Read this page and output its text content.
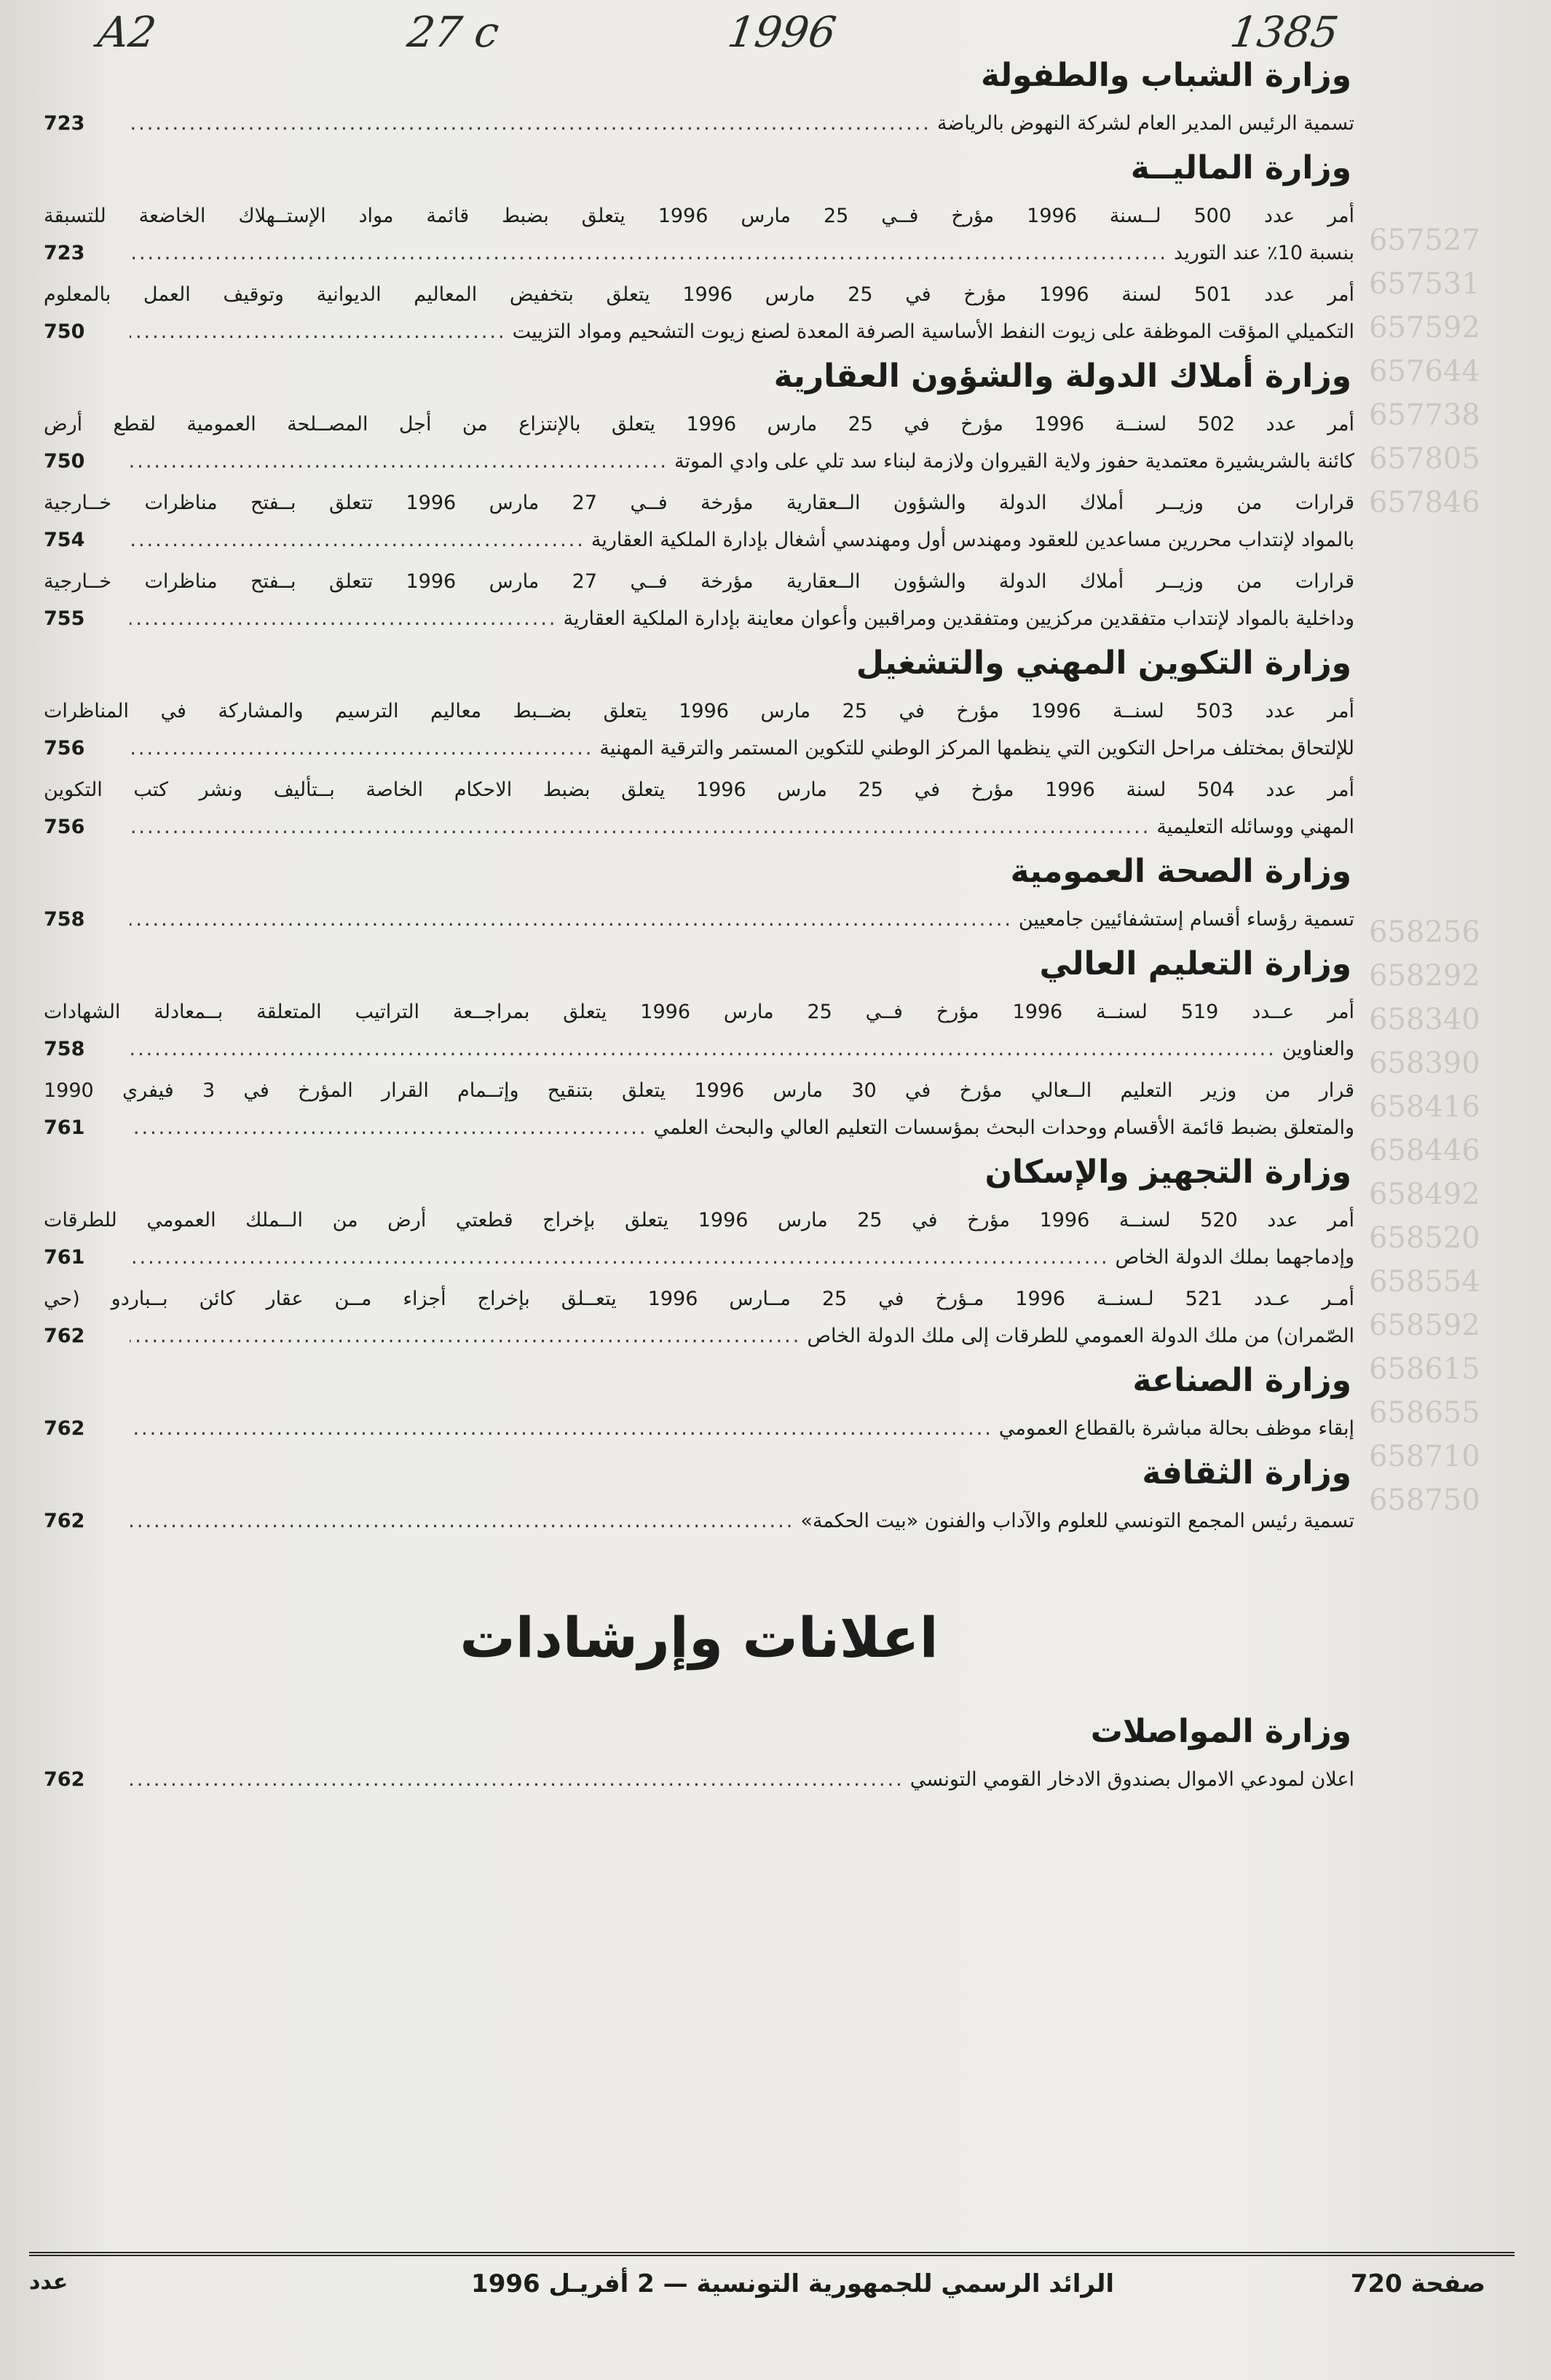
657527
657531
657592
657644
657738
657805
657846
658256
658292
658340
658390
658416
658446
658492
658520
658554
658592
658615
658655
658710
658750
A2	27 c	1996	1385
وزارة الشباب والطفولة
تسمية الرئيس المدير العام لشركة النهوض بالرياضة
.....
723
وزارة الماليــة
أمر عدد 500 لــسنة 1996 مؤرخ فــي 25 مارس 1996 يتعلق بضبط قائمة مواد الإستــهلاك الخاضعة للتسبقة
بنسبة 10٪ عند التوريد
.....
723
أمر عدد 501 لسنة 1996 مؤرخ في 25 مارس 1996 يتعلق بتخفيض المعاليم الديوانية وتوقيف العمل بالمعلوم
التكميلي المؤقت الموظفة على زيوت النفط الأساسية الصرفة المعدة لصنع زيوت التشحيم ومواد التزييت
.....
750
وزارة أملاك الدولة والشؤون العقارية
أمر عدد 502 لسنــة 1996 مؤرخ في 25 مارس 1996 يتعلق بالإنتزاع من أجل المصــلحة العمومية لقطع أرض
كائنة بالشريشيرة معتمدية حفوز ولاية القيروان ولازمة لبناء سد تلي على وادي الموتة
.....
750
قرارات من وزيــر أملاك الدولة والشؤون الــعقارية مؤرخة فــي 27 مارس 1996 تتعلق بــفتح مناظرات خــارجية
بالمواد لإنتداب محررين مساعدين للعقود ومهندس أول ومهندسي أشغال بإدارة الملكية العقارية
.....
754
قرارات من وزيــر أملاك الدولة والشؤون الــعقارية مؤرخة فــي 27 مارس 1996 تتعلق بــفتح مناظرات خــارجية
وداخلية بالمواد لإنتداب متفقدين مركزيين ومتفقدين ومراقبين وأعوان معاينة بإدارة الملكية العقارية
.....
755
وزارة التكوين المهني والتشغيل
أمر عدد 503 لسنــة 1996 مؤرخ في 25 مارس 1996 يتعلق بضــبط معاليم الترسيم والمشاركة في المناظرات
للإلتحاق بمختلف مراحل التكوين التي ينظمها المركز الوطني للتكوين المستمر والترقية المهنية
.....
756
أمر عدد 504 لسنة 1996 مؤرخ في 25 مارس 1996 يتعلق بضبط الاحكام الخاصة بــتأليف ونشر كتب التكوين
المهني ووسائله التعليمية
.....
756
وزارة الصحة العمومية
تسمية رؤساء أقسام إستشفائيين جامعيين
.....
758
وزارة التعليم العالي
أمر عــدد 519 لسنــة 1996 مؤرخ فــي 25 مارس 1996 يتعلق بمراجــعة التراتيب المتعلقة بــمعادلة الشهادات
والعناوين
.....
758
قرار من وزير التعليم الــعالي مؤرخ في 30 مارس 1996 يتعلق بتنقيح وإتــمام القرار المؤرخ في 3 فيفري 1990
والمتعلق بضبط قائمة الأقسام ووحدات البحث بمؤسسات التعليم العالي والبحث العلمي
.....
761
وزارة التجهيز والإسكان
أمر عدد 520 لسنــة 1996 مؤرخ في 25 مارس 1996 يتعلق بإخراج قطعتي أرض من الــملك العمومي للطرقات
وإدماجهما بملك الدولة الخاص
.....
761
أمـر عـدد 521 لـسنــة 1996 مـؤرخ في 25 مــارس 1996 يتعــلق بإخراج أجزاء مــن عقار كائن بــباردو (حي
الصّمران) من ملك الدولة العمومي للطرقات إلى ملك الدولة الخاص
.....
762
وزارة الصناعة
إبقاء موظف بحالة مباشرة بالقطاع العمومي
.....
762
وزارة الثقافة
تسمية رئيس المجمع التونسي للعلوم والآداب والفنون «بيت الحكمة»
.....
762
اعلانات وإرشادات
وزارة المواصلات
اعلان لمودعي الاموال بصندوق الادخار القومي التونسي
.....
762
صفحة 720
الرائد الرسمي للجمهورية التونسية — 2 أفريـل 1996
عدد
